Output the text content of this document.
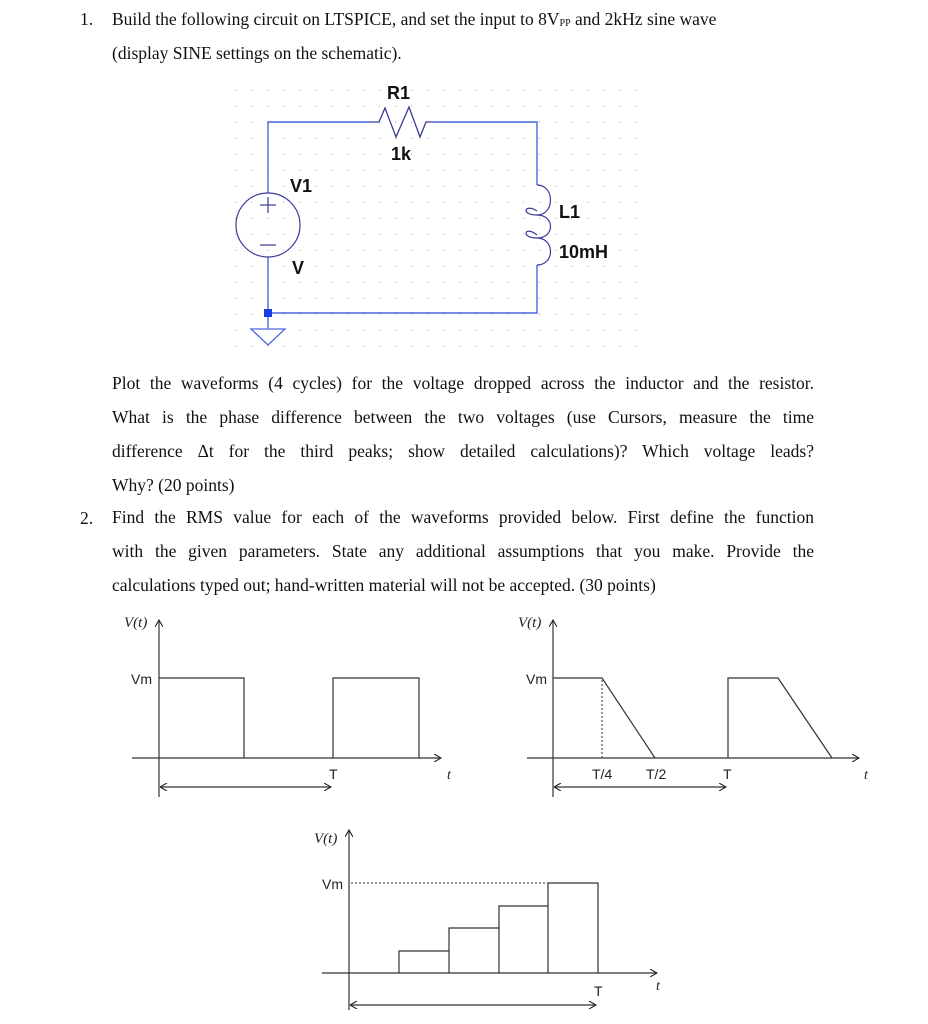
1. Build the following circuit on LTSPICE, and set the input to $8V_{PP}$ and 2kHz sine wave
(display SINE settings on the schematic).
R1
1k
V1
V
L1
10mH
Plot the waveforms (4 cycles) for the voltage dropped across the inductor and the resistor.
What is the phase difference between the two voltages (use Cursors, measure the time
difference Δt for the third peaks; show detailed calculations)? Which voltage leads?
Why? (20 points)
2. Find the RMS value for each of the waveforms provided below. First define the function
with the given parameters. State any additional assumptions that you make. Provide the
calculations typed out; hand-written material will not be accepted. (30 points)
V(t)
Vm
T	t
V(t)
Vm
T/4 T/2	T	t
V(t)
Vm
T	t
